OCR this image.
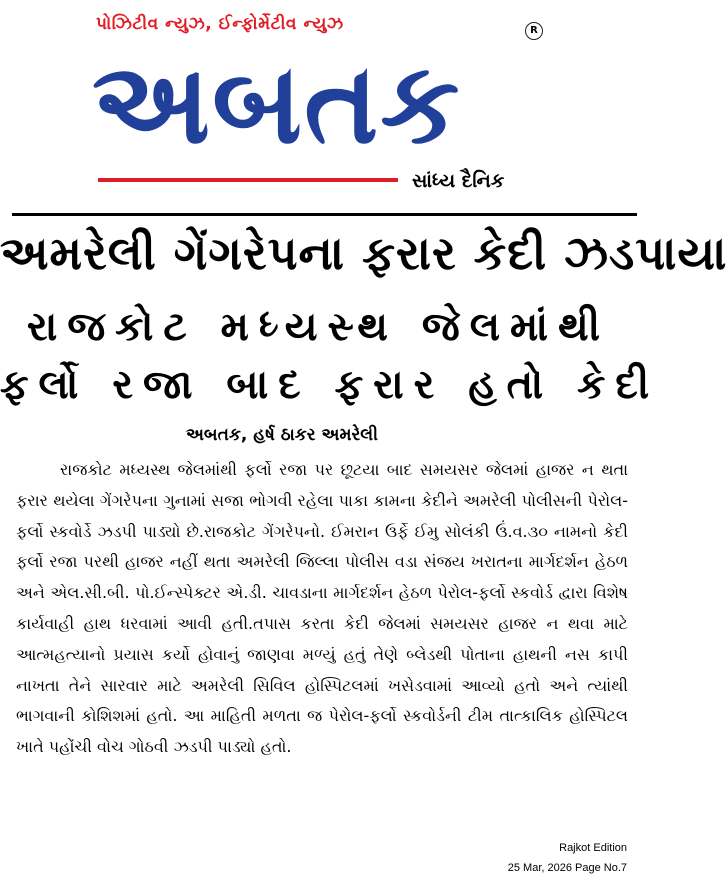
પોઝિટીવ ન્યુઝ, ઈન્ફોર્મેટીવ ન્યુઝ
અબતક
R
સાંધ્ય દૈનિક
અમરેલી ગેંગરેપના ફરાર કેદી ઝડપાયા
રાજકોટ મધ્યસ્થ જેલમાંથી
ફર્લો રજા બાદ ફરાર હતો કેદી
અબતક, હર્ષ ઠાકર અમરેલી
રાજકોટ મધ્યસ્થ જેલમાંથી ફર્લો રજા પર છૂટયા બાદ સમયસર જેલમાં હાજર ન થતા ફરાર થયેલા ગેંગરેપના ગુનામાં સજા ભોગવી રહેલા પાકા કામના કેદીને અમરેલી પોલીસની પેરોલ-ફર્લો સ્કવોર્ડે ઝડપી પાડ્યો છે.રાજકોટ ગેંગરેપનો. ઈમરાન ઉર્ફે ઈમુ સોલંકી ઉં.વ.૩૦ નામનો કેદી ફર્લો રજા પરથી હાજર નહીં થતા અમરેલી જિલ્લા પોલીસ વડા સંજય ખરાતના માર્ગદર્શન હેઠળ અને એલ.સી.બી. પો.ઈન્સ્પેક્ટર એ.ડી. ચાવડાના માર્ગદર્શન હેઠળ પેરોલ-ફર્લો સ્કવોર્ડ દ્વારા વિશેષ કાર્યવાહી હાથ ધરવામાં આવી હતી.તપાસ કરતા કેદી જેલમાં સમયસર હાજર ન થવા માટે આત્મહત્યાનો પ્રયાસ કર્યો હોવાનું જાણવા મળ્યું હતું તેણે બ્લેડથી પોતાના હાથની નસ કાપી નાખતા તેને સારવાર માટે અમરેલી સિવિલ હોસ્પિટલમાં ખસેડવામાં આવ્યો હતો અને ત્યાંથી ભાગવાની કોશિશમાં હતો. આ માહિતી મળતા જ પેરોલ-ફર્લો સ્કવોર્ડની ટીમ તાત્કાલિક હોસ્પિટલ ખાતે પહોંચી વોચ ગોઠવી ઝડપી પાડ્યો હતો.
Rajkot Edition
25 Mar, 2026 Page No.7
